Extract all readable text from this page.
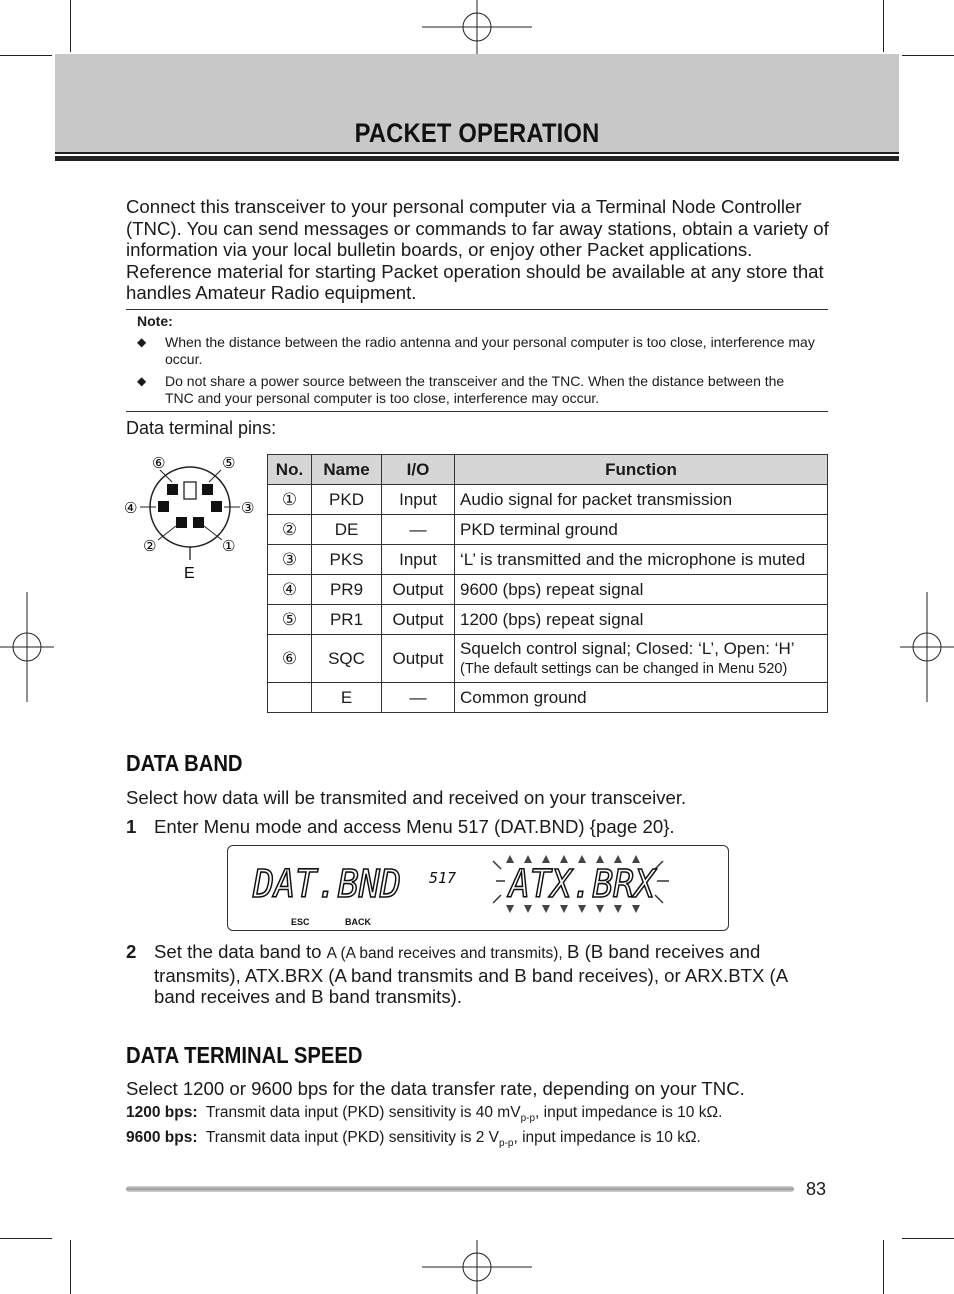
PACKET OPERATION
Connect this transceiver to your personal computer via a Terminal Node Controller (TNC). You can send messages or commands to far away stations, obtain a variety of information via your local bulletin boards, or enjoy other Packet applications. Reference material for starting Packet operation should be available at any store that handles Amateur Radio equipment.
Note:
◆ When the distance between the radio antenna and your personal computer is too close, interference may occur.
◆ Do not share a power source between the transceiver and the TNC. When the distance between the TNC and your personal computer is too close, interference may occur.
Data terminal pins:
⑥	⑤
④	③
②	①
E
No.	Name	I/O	Function
①	PKD	Input	Audio signal for packet transmission
②	DE	—	PKD terminal ground
③	PKS	Input	‘L’ is transmitted and the microphone is muted
④	PR9	Output	9600 (bps) repeat signal
⑤	PR1	Output	1200 (bps) repeat signal
⑥	SQC	Output	Squelch control signal; Closed: ‘L’, Open: ‘H’
(The default settings can be changed in Menu 520)

	E	—	Common ground
DATA BAND
Select how data will be transmited and received on your transceiver.
1 Enter Menu mode and access Menu 517 (DAT.BND) {page 20}.
DAT.BND 517 ATX.BRX
ESC	BACK
2 Set the data band to A (A band receives and transmits), B (B band receives and transmits), ATX.BRX (A band transmits and B band receives), or ARX.BTX (A band receives and B band transmits).
DATA TERMINAL SPEED
Select 1200 or 9600 bps for the data transfer rate, depending on your TNC.
1200 bps: Transmit data input (PKD) sensitivity is 40 $mV_{p-p}$, input impedance is 10 kΩ.
9600 bps: Transmit data input (PKD) sensitivity is 2 $V_{p-p}$, input impedance is 10 kΩ.
83
